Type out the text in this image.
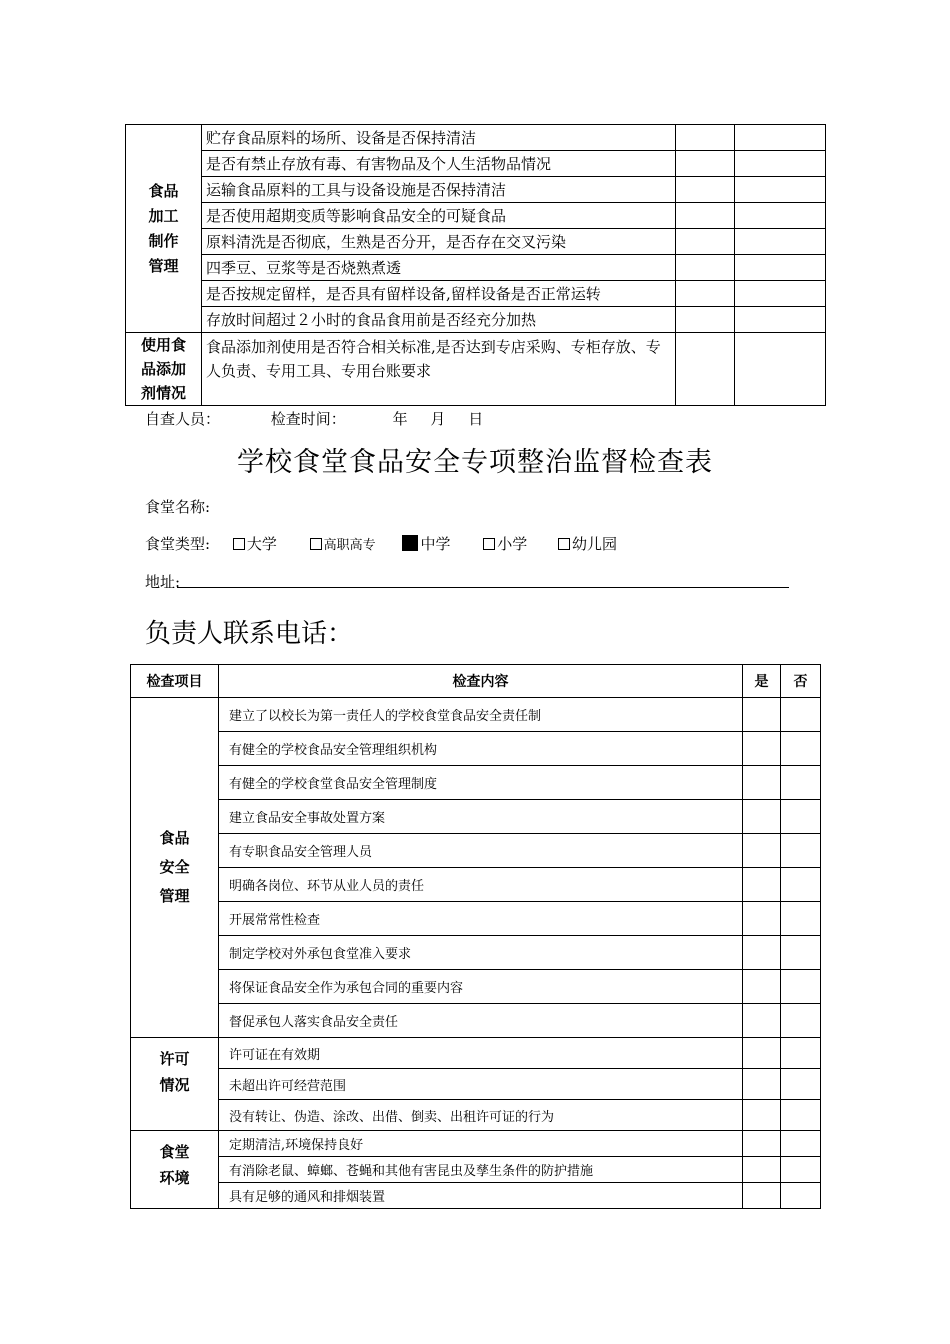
食品
加工
制作
管理	贮存食品原料的场所、设备是否保持清洁		
	是否有禁止存放有毒、有害物品及个人生活物品情况		
	运输食品原料的工具与设备设施是否保持清洁		
	是否使用超期变质等影响食品安全的可疑食品		
	原料清洗是否彻底，生熟是否分开，是否存在交叉污染		
	四季豆、豆浆等是否烧熟煮透		
	是否按规定留样，是否具有留样设备,留样设备是否正常运转		
	存放时间超过２小时的食品食用前是否经充分加热		

使用食
品添加
剂情况	食品添加剂使用是否符合相关标准,是否达到专店采购、专柜存放、专人负责、专用工具、专用台账要求		
自查人员：	检查时间：	年 月 日
学校食堂食品安全专项整治监督检查表
食堂名称:
食堂类型: 大学	高职高专	中学	小学	幼儿园
地址:
负责人联系电话：
检查项目	检查内容	是	否

食品
安全
管理	建立了以校长为第一责任人的学校食堂食品安全责任制		
	有健全的学校食品安全管理组织机构		
	有健全的学校食堂食品安全管理制度		
	建立食品安全事故处置方案		
	有专职食品安全管理人员		
	明确各岗位、环节从业人员的责任		
	开展常常性检查		
	制定学校对外承包食堂准入要求		
	将保证食品安全作为承包合同的重要内容		
	督促承包人落实食品安全责任		

许可
情况	许可证在有效期		
	未超出许可经营范围		
	没有转让、伪造、涂改、出借、倒卖、出租许可证的行为		

食堂
环境	定期清洁,环境保持良好		
	有消除老鼠、蟑螂、苍蝇和其他有害昆虫及孳生条件的防护措施		
	具有足够的通风和排烟装置		
